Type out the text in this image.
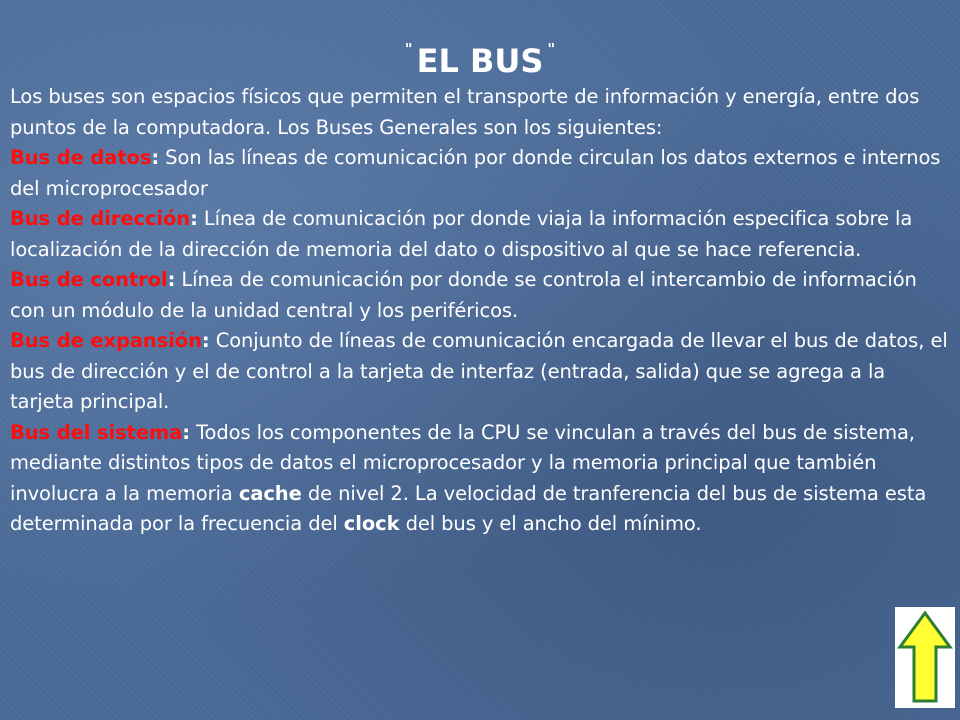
" EL BUS "

Los buses son espacios físicos que permiten el transporte de información y energía, entre dos puntos de la computadora. Los Buses Generales son los siguientes:

Bus de datos: Son las líneas de comunicación por donde circulan los datos externos e internos del microprocesador

Bus de dirección: Línea de comunicación por donde viaja la información especifica sobre la localización de la dirección de memoria del dato o dispositivo al que se hace referencia.

Bus de control: Línea de comunicación por donde se controla el intercambio de información con un módulo de la unidad central y los periféricos.

Bus de expansión: Conjunto de líneas de comunicación encargada de llevar el bus de datos, el bus de dirección y el de control a la tarjeta de interfaz (entrada, salida) que se agrega a la tarjeta principal.

Bus del sistema: Todos los componentes de la CPU se vinculan a través del bus de sistema, mediante distintos tipos de datos el microprocesador y la memoria principal que también involucra a la memoria cache de nivel 2. La velocidad de tranferencia del bus de sistema esta determinada por la frecuencia del clock del bus y el ancho del mínimo.
